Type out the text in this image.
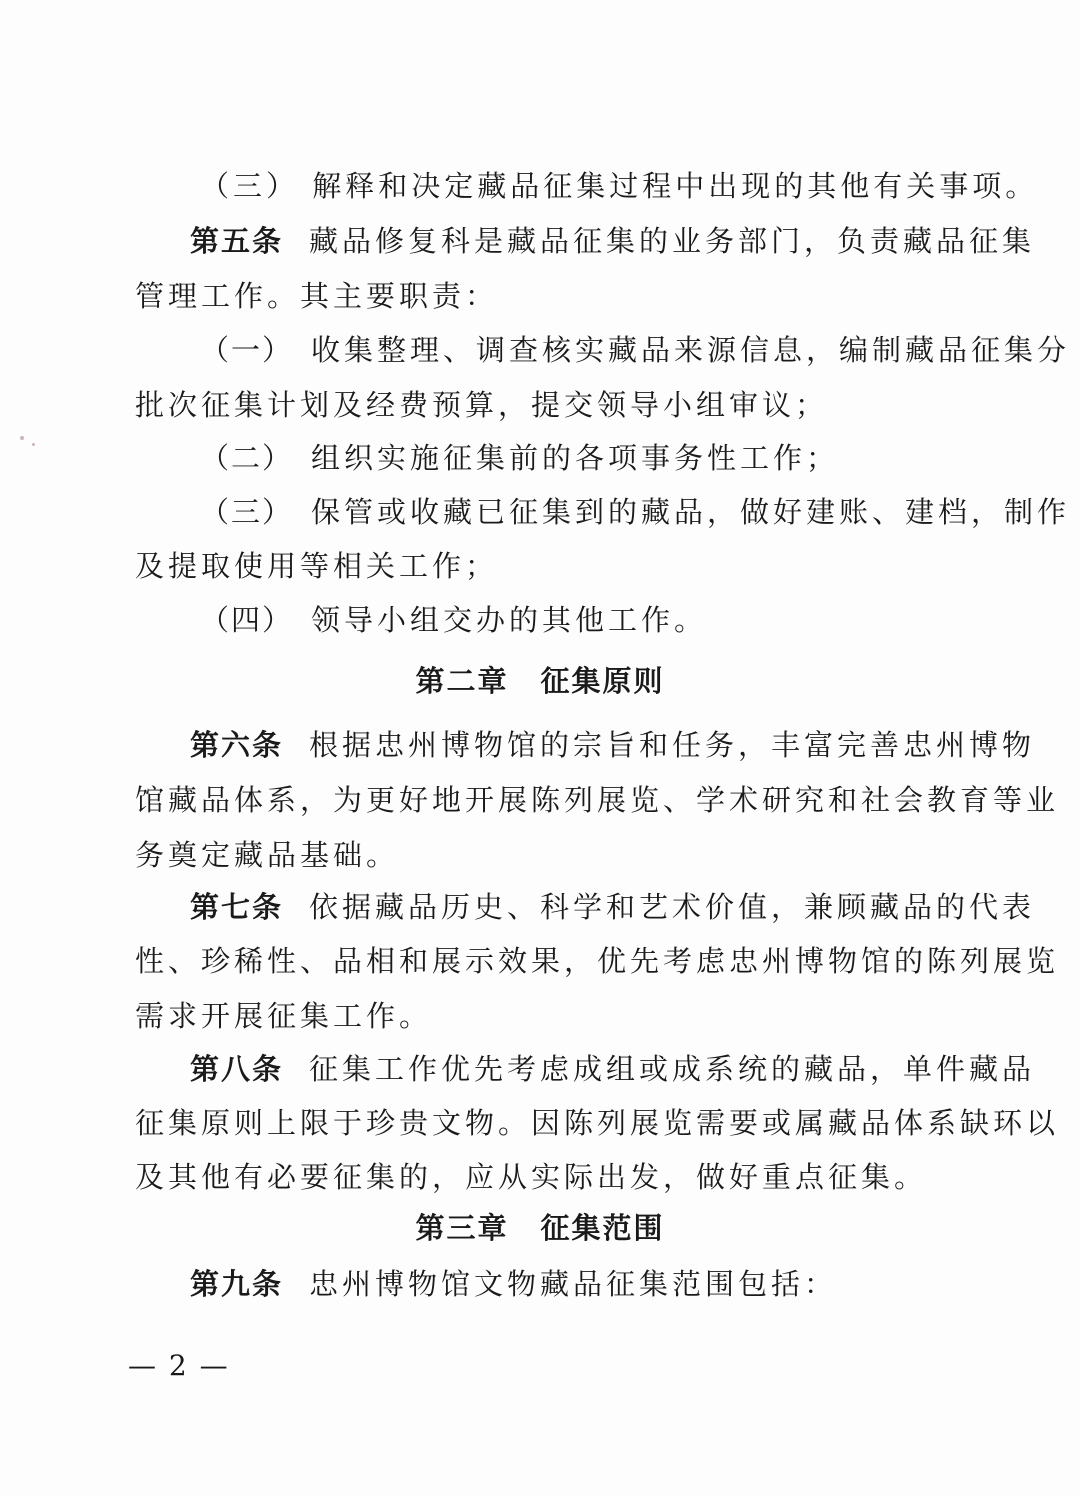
（三） 解释和决定藏品征集过程中出现的其他有关事项。
第五条 藏品修复科是藏品征集的业务部门，负责藏品征集
管理工作。其主要职责：
（一） 收集整理、调查核实藏品来源信息，编制藏品征集分
批次征集计划及经费预算，提交领导小组审议；
（二） 组织实施征集前的各项事务性工作；
（三） 保管或收藏已征集到的藏品，做好建账、建档，制作
及提取使用等相关工作；
（四） 领导小组交办的其他工作。
第二章 征集原则
第六条 根据忠州博物馆的宗旨和任务，丰富完善忠州博物
馆藏品体系，为更好地开展陈列展览、学术研究和社会教育等业
务奠定藏品基础。
第七条 依据藏品历史、科学和艺术价值，兼顾藏品的代表
性、珍稀性、品相和展示效果，优先考虑忠州博物馆的陈列展览
需求开展征集工作。
第八条 征集工作优先考虑成组或成系统的藏品，单件藏品
征集原则上限于珍贵文物。因陈列展览需要或属藏品体系缺环以
及其他有必要征集的，应从实际出发，做好重点征集。
第三章 征集范围
第九条 忠州博物馆文物藏品征集范围包括：
— 2 —
